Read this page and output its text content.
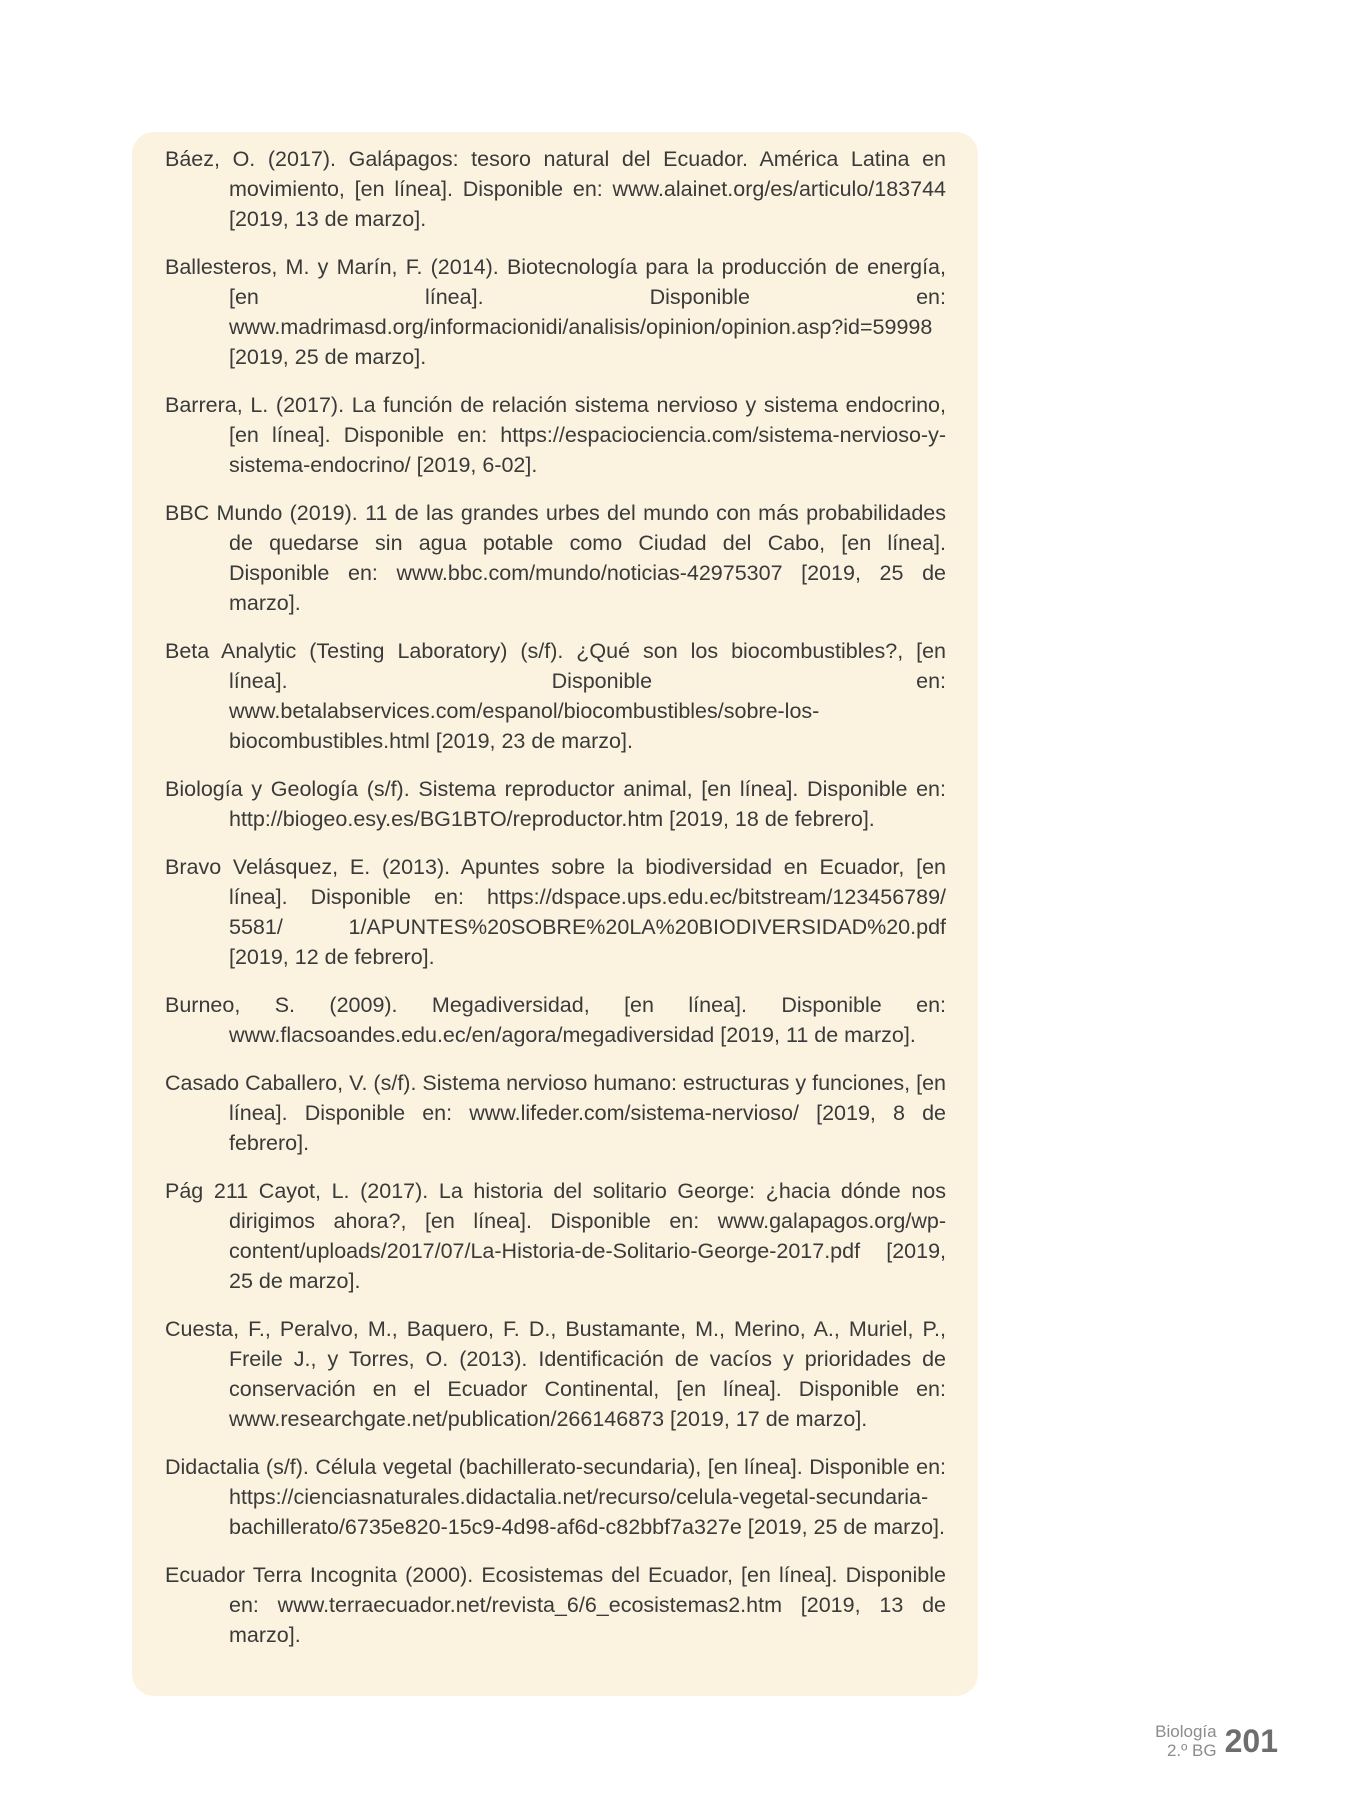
Báez, O. (2017). Galápagos: tesoro natural del Ecuador. América Latina en movimiento, [en línea]. Disponible en: www.alainet.org/es/articulo/183744 [2019, 13 de marzo].
Ballesteros, M. y Marín, F. (2014). Biotecnología para la producción de energía, [en línea]. Disponible en: www.madrimasd.org/informacionidi/analisis/opinion/opinion.asp?id=59998 [2019, 25 de marzo].
Barrera, L. (2017). La función de relación sistema nervioso y sistema endocrino, [en línea]. Disponible en: https://espaciociencia.com/sistema-nervioso-y-sistema-endocrino/ [2019, 6-02].
BBC Mundo (2019). 11 de las grandes urbes del mundo con más probabilidades de quedarse sin agua potable como Ciudad del Cabo, [en línea]. Disponible en: www.bbc.com/mundo/noticias-42975307 [2019, 25 de marzo].
Beta Analytic (Testing Laboratory) (s/f). ¿Qué son los biocombustibles?, [en línea]. Disponible en: www.betalabservices.com/espanol/biocombustibles/sobre-los-biocombustibles.html [2019, 23 de marzo].
Biología y Geología (s/f). Sistema reproductor animal, [en línea]. Disponible en: http://biogeo.esy.es/BG1BTO/reproductor.htm [2019, 18 de febrero].
Bravo Velásquez, E. (2013). Apuntes sobre la biodiversidad en Ecuador, [en línea]. Disponible en: https://dspace.ups.edu.ec/bitstream/123456789/ 5581/ 1/APUNTES%20SOBRE%20LA%20BIODIVERSIDAD%20.pdf [2019, 12 de febrero].
Burneo, S. (2009). Megadiversidad, [en línea]. Disponible en: www.flacsoandes.edu.ec/en/agora/megadiversidad [2019, 11 de marzo].
Casado Caballero, V. (s/f). Sistema nervioso humano: estructuras y funciones, [en línea]. Disponible en: www.lifeder.com/sistema-nervioso/ [2019, 8 de febrero].
Pág 211 Cayot, L. (2017). La historia del solitario George: ¿hacia dónde nos dirigimos ahora?, [en línea]. Disponible en: www.galapagos.org/wp-content/uploads/2017/07/La-Historia-de-Solitario-George-2017.pdf [2019, 25 de marzo].
Cuesta, F., Peralvo, M., Baquero, F. D., Bustamante, M., Merino, A., Muriel, P., Freile J., y Torres, O. (2013). Identificación de vacíos y prioridades de conservación en el Ecuador Continental, [en línea]. Disponible en: www.researchgate.net/publication/266146873 [2019, 17 de marzo].
Didactalia (s/f). Célula vegetal (bachillerato-secundaria), [en línea]. Disponible en: https://cienciasnaturales.didactalia.net/recurso/celula-vegetal-secundaria-bachillerato/6735e820-15c9-4d98-af6d-c82bbf7a327e [2019, 25 de marzo].
Ecuador Terra Incognita (2000). Ecosistemas del Ecuador, [en línea]. Disponible en: www.terraecuador.net/revista_6/6_ecosistemas2.htm [2019, 13 de marzo].
Biología
2.º BG 201
